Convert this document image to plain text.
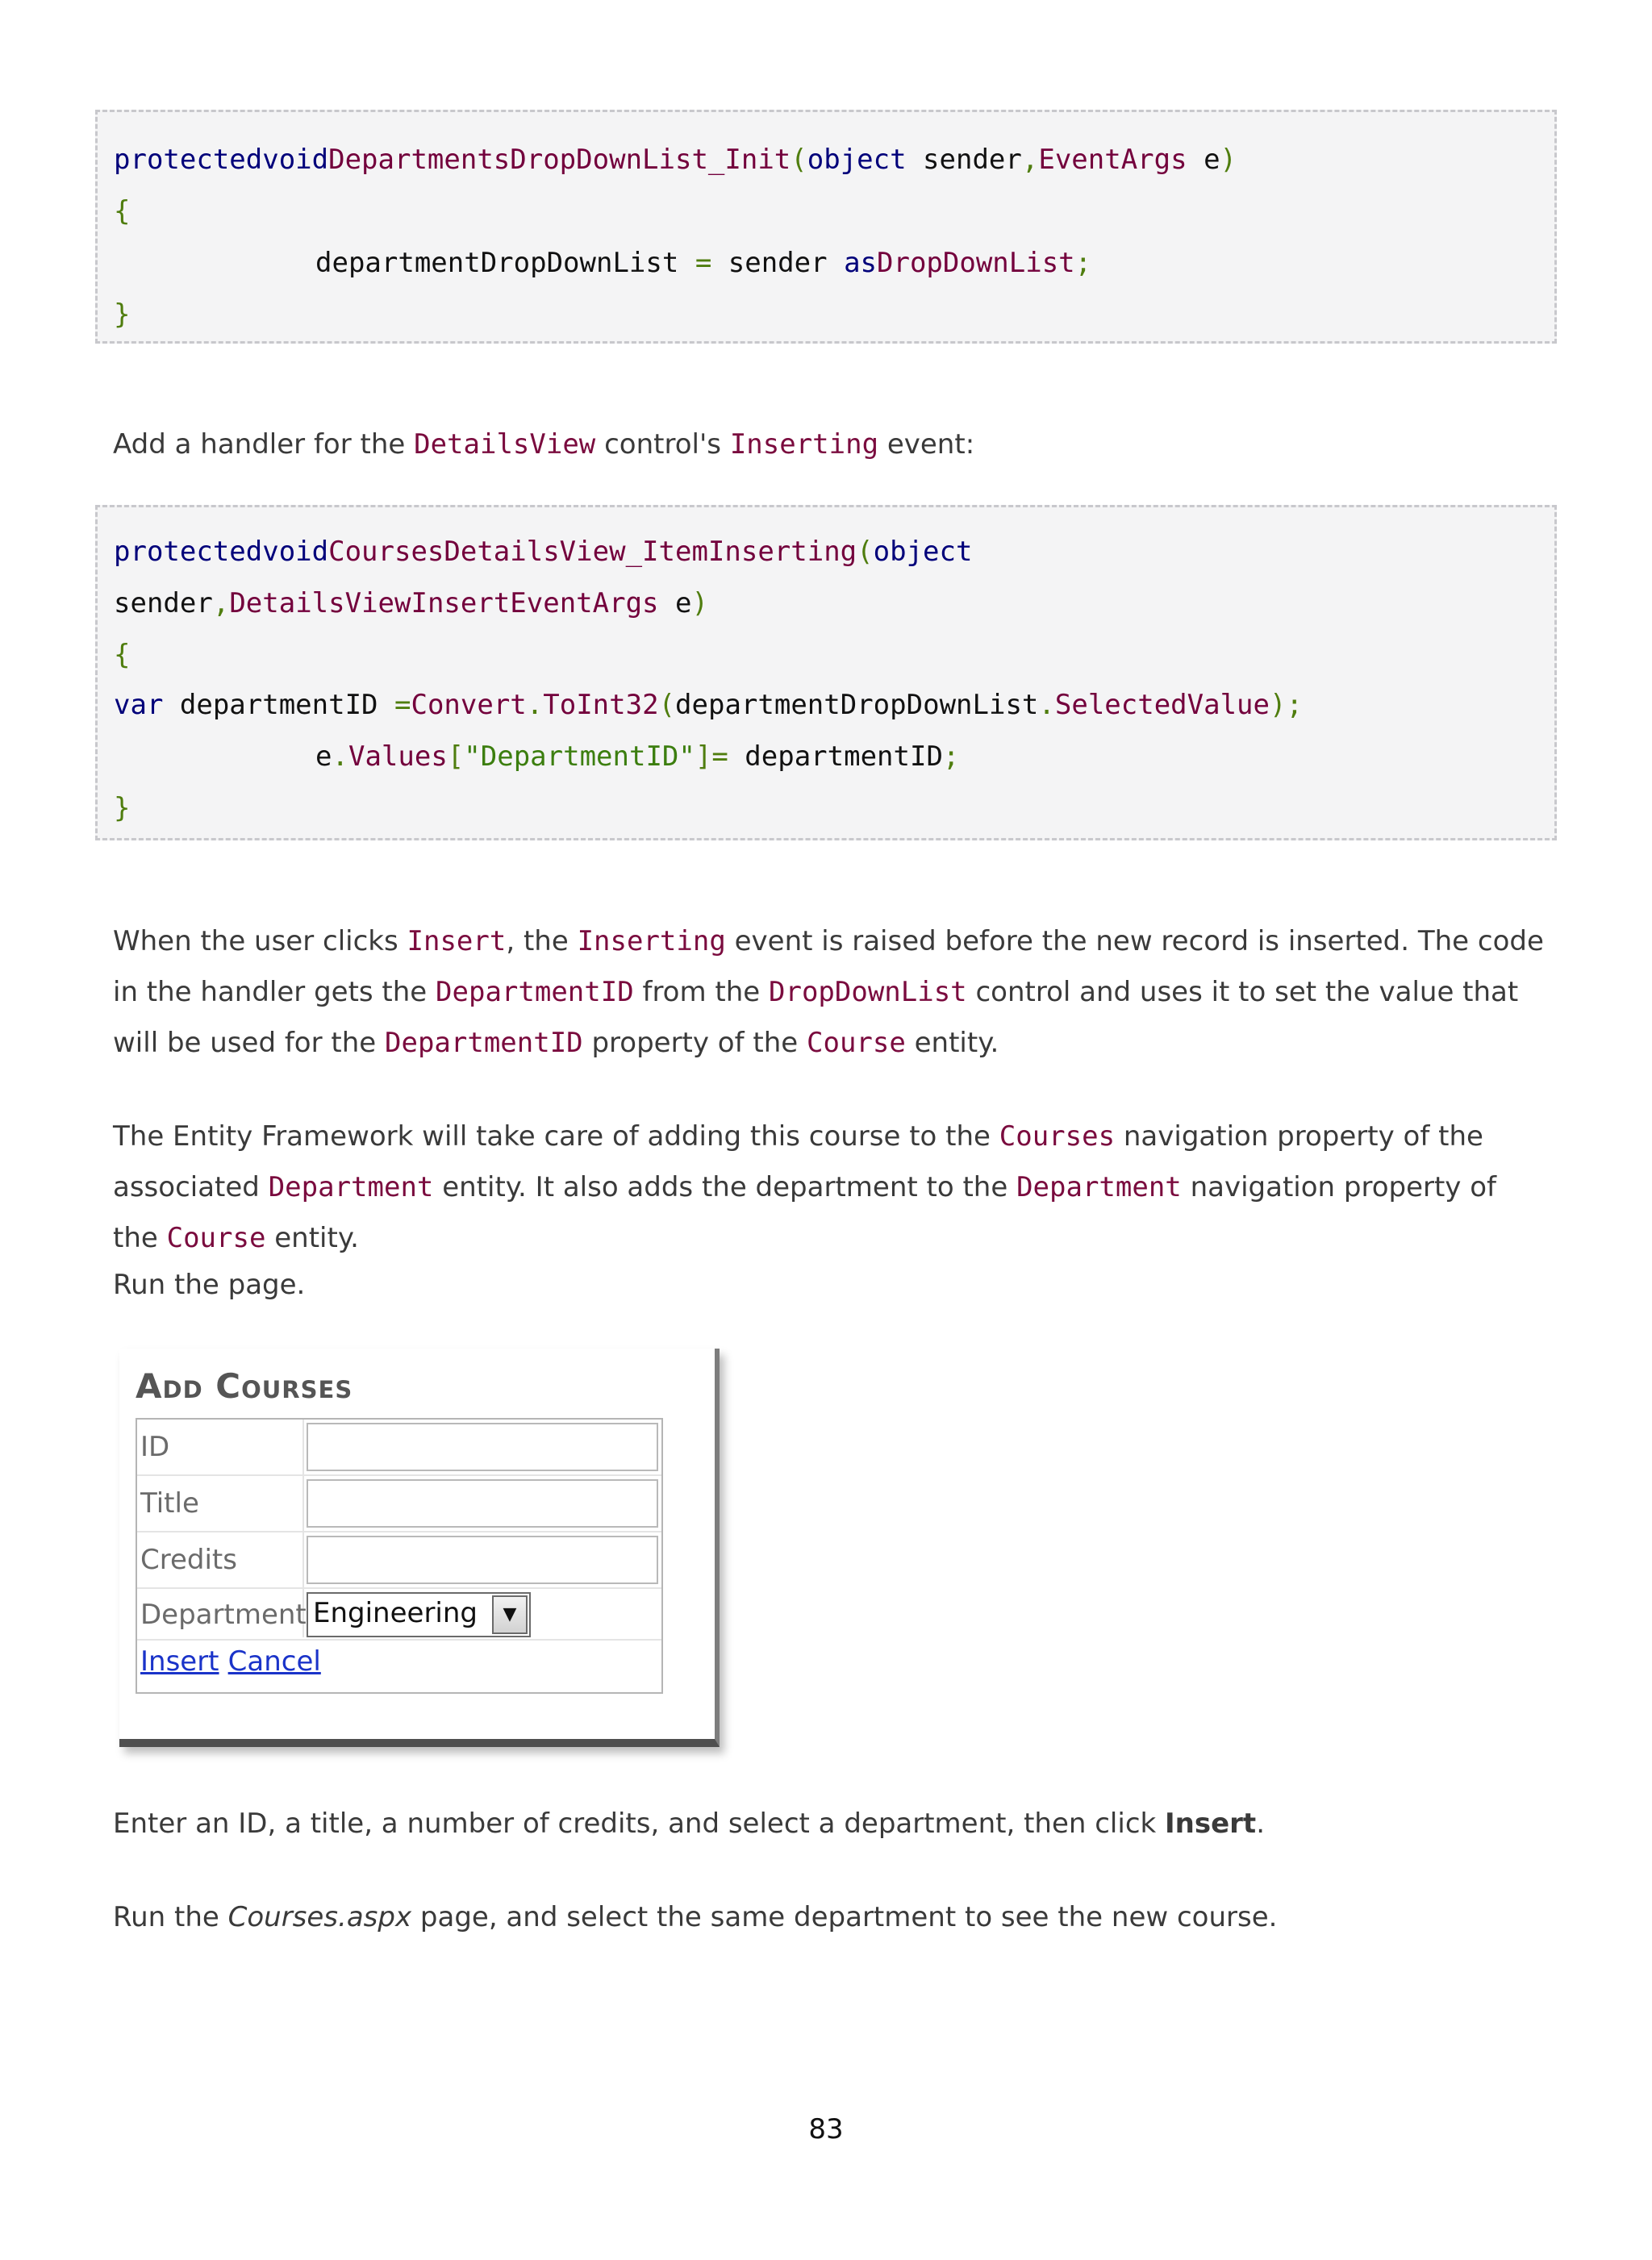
protectedvoidDepartmentsDropDownList_Init(object sender,EventArgs e)
{
departmentDropDownList = sender asDropDownList;
}
Add a handler for the DetailsView control's Inserting event:
protectedvoidCoursesDetailsView_ItemInserting(object
sender,DetailsViewInsertEventArgs e)
{
var departmentID =Convert.ToInt32(departmentDropDownList.SelectedValue);
e.Values["DepartmentID"]= departmentID;
}
When the user clicks Insert, the Inserting event is raised before the new record is inserted. The code in the handler gets the DepartmentID from the DropDownList control and uses it to set the value that will be used for the DepartmentID property of the Course entity.
The Entity Framework will take care of adding this course to the Courses navigation property of the associated Department entity. It also adds the department to the Department navigation property of the Course entity.
Run the page.
Add Courses
ID
Title
Credits
Department Engineering	▼
Insert Cancel
Enter an ID, a title, a number of credits, and select a department, then click Insert.
Run the Courses.aspx page, and select the same department to see the new course.
83
